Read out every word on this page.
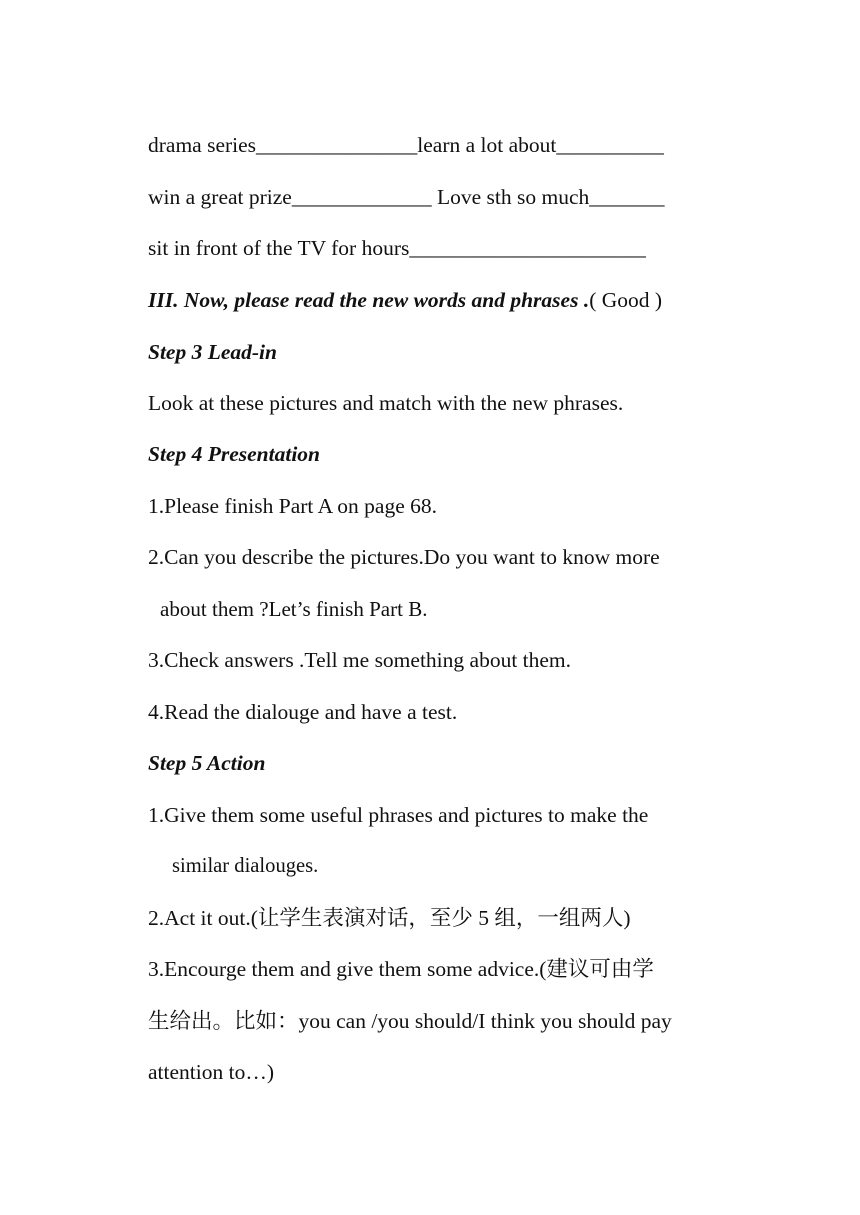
drama series_______________learn a lot about__________
win a great prize_____________ Love sth so much_______
sit in front of the TV for hours______________________
III. Now, please read the new words and phrases .( Good )
Step 3 Lead-in
Look at these pictures and match with the new phrases.
Step 4 Presentation
1.Please finish Part A on page 68.
2.Can you describe the pictures.Do you want to know more
about them ?Let’s finish Part B.
3.Check answers .Tell me something about them.
4.Read the dialouge and have a test.
Step 5 Action
1.Give them some useful phrases and pictures to make the
similar dialouges.
2.Act it out.(让学生表演对话，至少 5 组，一组两人)
3.Encourge them and give them some advice.(建议可由学
生给出。比如：you can /you should/I think you should pay
attention to…)
